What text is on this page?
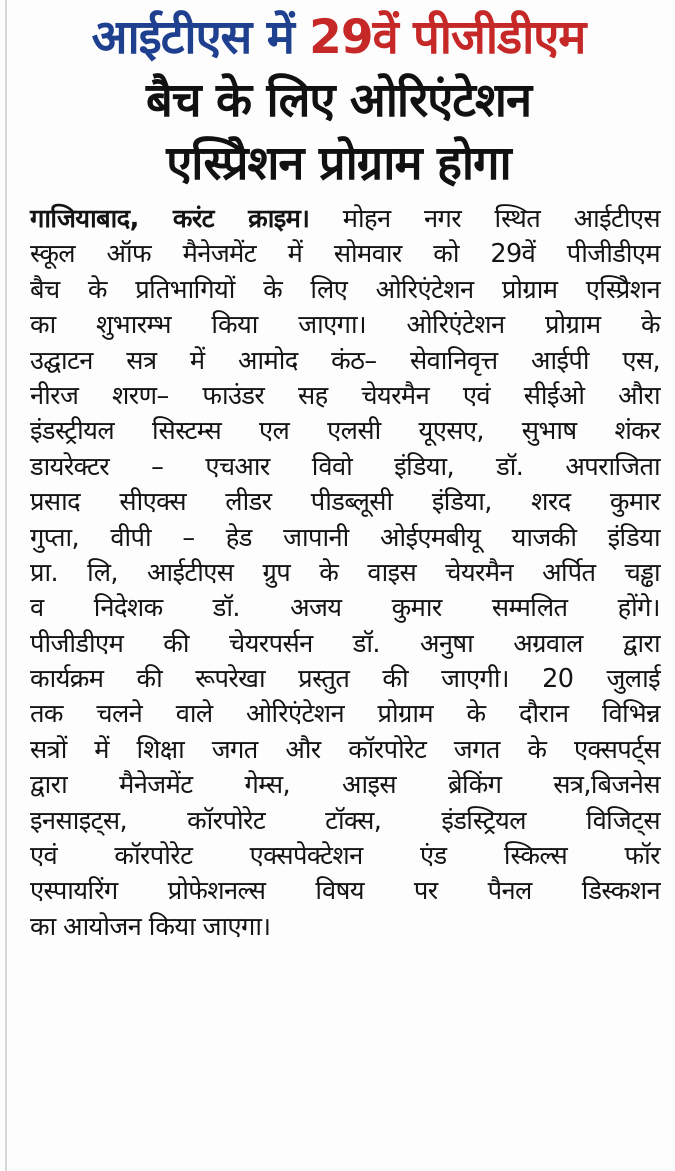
आईटीएस में 29वें पीजीडीएम
बैच के लिए ओरिएंटेशन
एस्प्रिेशन प्रोग्राम होगा
गाजियाबाद, करंट क्राइम। मोहन नगर स्थित आईटीएस
स्कूल ऑफ मैनेजमेंट में सोमवार को 29वें पीजीडीएम
बैच के प्रतिभागियों के लिए ओरिएंटेशन प्रोग्राम एस्प्रिेशन
का शुभारम्भ किया जाएगा। ओरिएंटेशन प्रोग्राम के
उद्घाटन सत्र में आमोद कंठ– सेवानिवृत्त आईपी एस,
नीरज शरण– फाउंडर सह चेयरमैन एवं सीईओ औरा
इंडस्ट्रीयल सिस्टम्स एल एलसी यूएसए, सुभाष शंकर
डायरेक्टर – एचआर विवो इंडिया, डॉ. अपराजिता
प्रसाद सीएक्स लीडर पीडब्लूसी इंडिया, शरद कुमार
गुप्ता, वीपी – हेड जापानी ओईएमबीयू याजकी इंडिया
प्रा. लि, आईटीएस ग्रुप के वाइस चेयरमैन अर्पित चड्ढा
व निदेशक डॉ. अजय कुमार सम्मलित होंगे।
पीजीडीएम की चेयरपर्सन डॉ. अनुषा अग्रवाल द्वारा
कार्यक्रम की रूपरेखा प्रस्तुत की जाएगी। 20 जुलाई
तक चलने वाले ओरिएंटेशन प्रोग्राम के दौरान विभिन्न
सत्रों में शिक्षा जगत और कॉरपोरेट जगत के एक्सपर्ट्स
द्वारा मैनेजमेंट गेम्स, आइस ब्रेकिंग सत्र,बिजनेस
इनसाइट्स, कॉरपोरेट टॉक्स, इंडस्ट्रियल विजिट्स
एवं कॉरपोरेट एक्सपेक्टेशन एंड स्किल्स फॉर
एस्पायरिंग प्रोफेशनल्स विषय पर पैनल डिस्कशन
का आयोजन किया जाएगा।
